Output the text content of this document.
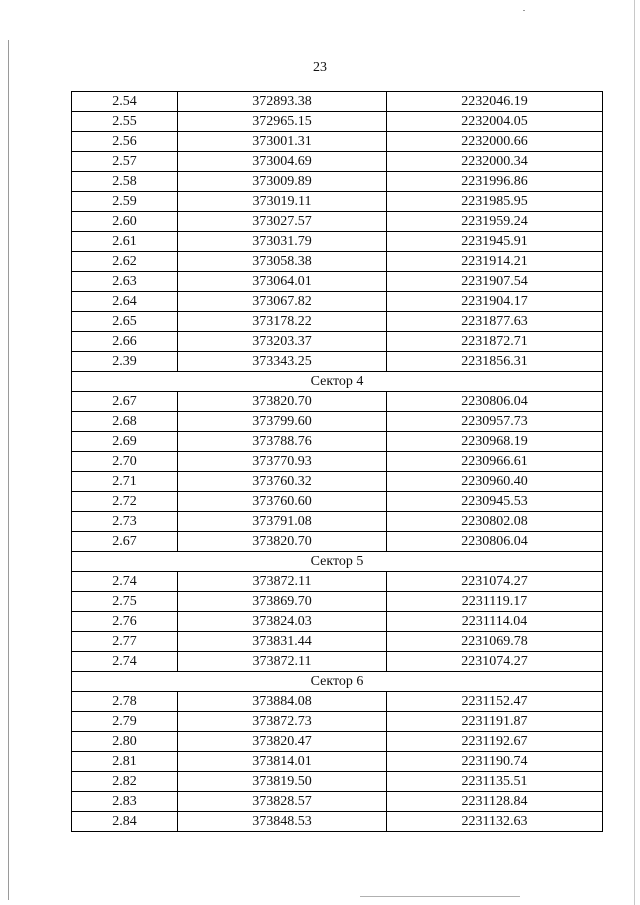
23
2.54	372893.38	2232046.19
2.55	372965.15	2232004.05
2.56	373001.31	2232000.66
2.57	373004.69	2232000.34
2.58	373009.89	2231996.86
2.59	373019.11	2231985.95
2.60	373027.57	2231959.24
2.61	373031.79	2231945.91
2.62	373058.38	2231914.21
2.63	373064.01	2231907.54
2.64	373067.82	2231904.17
2.65	373178.22	2231877.63
2.66	373203.37	2231872.71
2.39	373343.25	2231856.31
Сектор 4		
2.67	373820.70	2230806.04
2.68	373799.60	2230957.73
2.69	373788.76	2230968.19
2.70	373770.93	2230966.61
2.71	373760.32	2230960.40
2.72	373760.60	2230945.53
2.73	373791.08	2230802.08
2.67	373820.70	2230806.04
Сектор 5		
2.74	373872.11	2231074.27
2.75	373869.70	2231119.17
2.76	373824.03	2231114.04
2.77	373831.44	2231069.78
2.74	373872.11	2231074.27
Сектор 6		
2.78	373884.08	2231152.47
2.79	373872.73	2231191.87
2.80	373820.47	2231192.67
2.81	373814.01	2231190.74
2.82	373819.50	2231135.51
2.83	373828.57	2231128.84
2.84	373848.53	2231132.63
